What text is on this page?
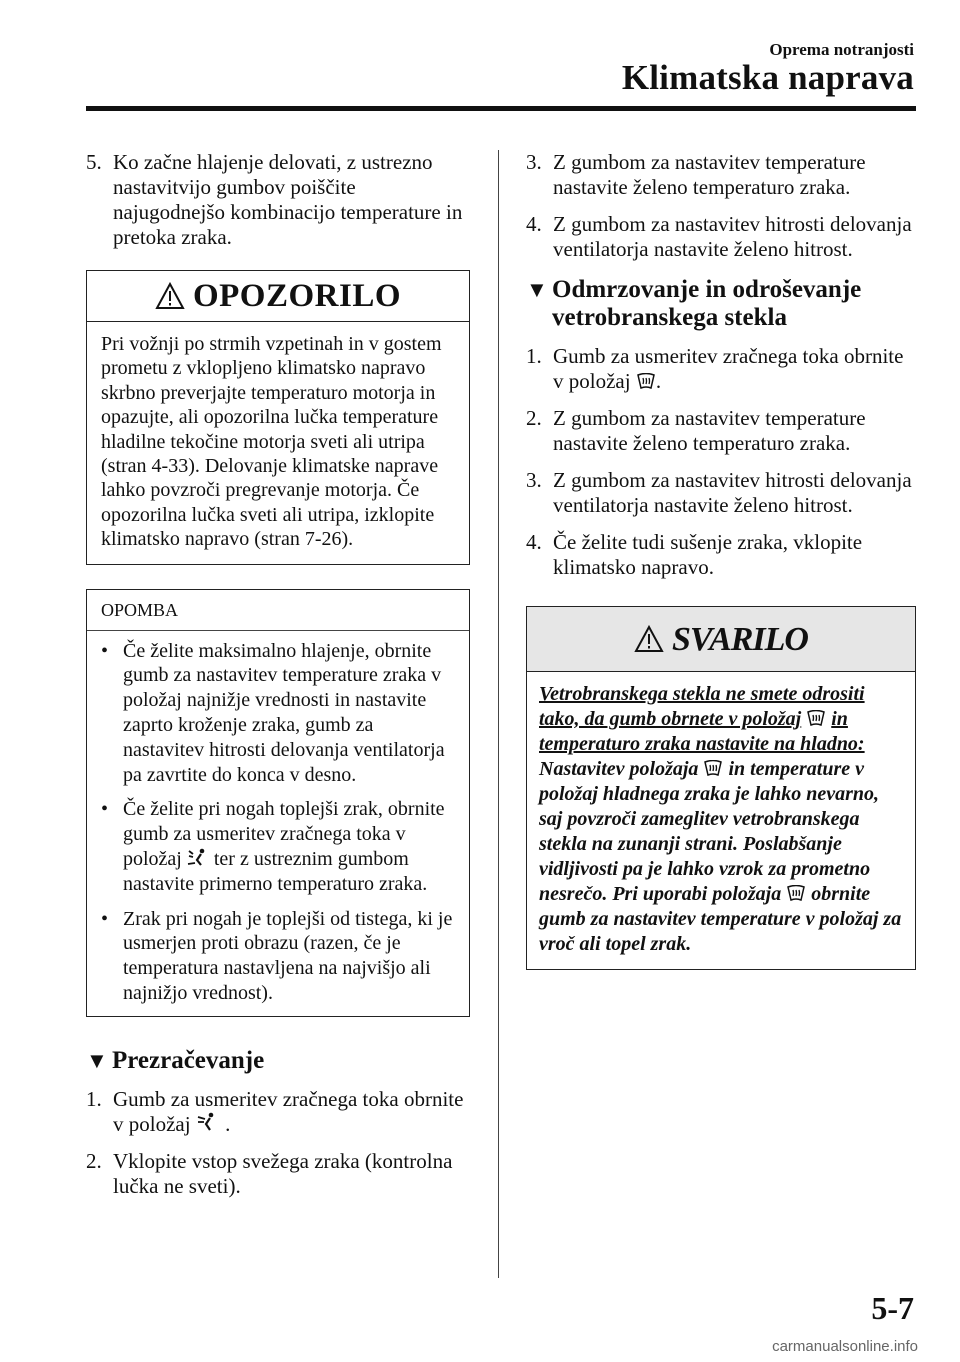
Oprema notranjosti
Klimatska naprava
5. Ko začne hlajenje delovati, z ustrezno nastavitvijo gumbov poiščite najugodnejšo kombinacijo temperature in pretoka zraka.
OPOZORILO
Pri vožnji po strmih vzpetinah in v gostem prometu z vklopljeno klimatsko napravo skrbno preverjajte temperaturo motorja in opazujte, ali opozorilna lučka temperature hladilne tekočine motorja sveti ali utripa (stran 4-33). Delovanje klimatske naprave lahko povzroči pregrevanje motorja. Če opozorilna lučka sveti ali utripa, izklopite klimatsko napravo (stran 7-26).
OPOMBA
• Če želite maksimalno hlajenje, obrnite gumb za nastavitev temperature zraka v položaj najnižje vrednosti in nastavite zaprto kroženje zraka, gumb za nastavitev hitrosti delovanja ventilatorja pa zavrtite do konca v desno.
• Če želite pri nogah toplejši zrak, obrnite gumb za usmeritev zračnega toka v položaj ter z ustreznim gumbom nastavite primerno temperaturo zraka.
• Zrak pri nogah je toplejši od tistega, ki je usmerjen proti obrazu (razen, če je temperatura nastavljena na najvišjo ali najnižjo vrednost).
▼ Prezračevanje
1. Gumb za usmeritev zračnega toka obrnite v položaj .
2. Vklopite vstop svežega zraka (kontrolna lučka ne sveti).
3. Z gumbom za nastavitev temperature nastavite želeno temperaturo zraka.
4. Z gumbom za nastavitev hitrosti delovanja ventilatorja nastavite želeno hitrost.
▼ Odmrzovanje in odroševanje
vetrobranskega stekla
1. Gumb za usmeritev zračnega toka obrnite v položaj .
2. Z gumbom za nastavitev temperature nastavite želeno temperaturo zraka.
3. Z gumbom za nastavitev hitrosti delovanja ventilatorja nastavite želeno hitrost.
4. Če želite tudi sušenje zraka, vklopite klimatsko napravo.
SVARILO
Vetrobranskega stekla ne smete odrositi tako, da gumb obrnete v položaj in temperaturo zraka nastavite na hladno: Nastavitev položaja in temperature v položaj hladnega zraka je lahko nevarno, saj povzroči zameglitev vetrobranskega stekla na zunanji strani. Poslabšanje vidljivosti pa je lahko vzrok za prometno nesrečo. Pri uporabi položaja obrnite gumb za nastavitev temperature v položaj za vroč ali topel zrak.
5-7
carmanualsonline.info
